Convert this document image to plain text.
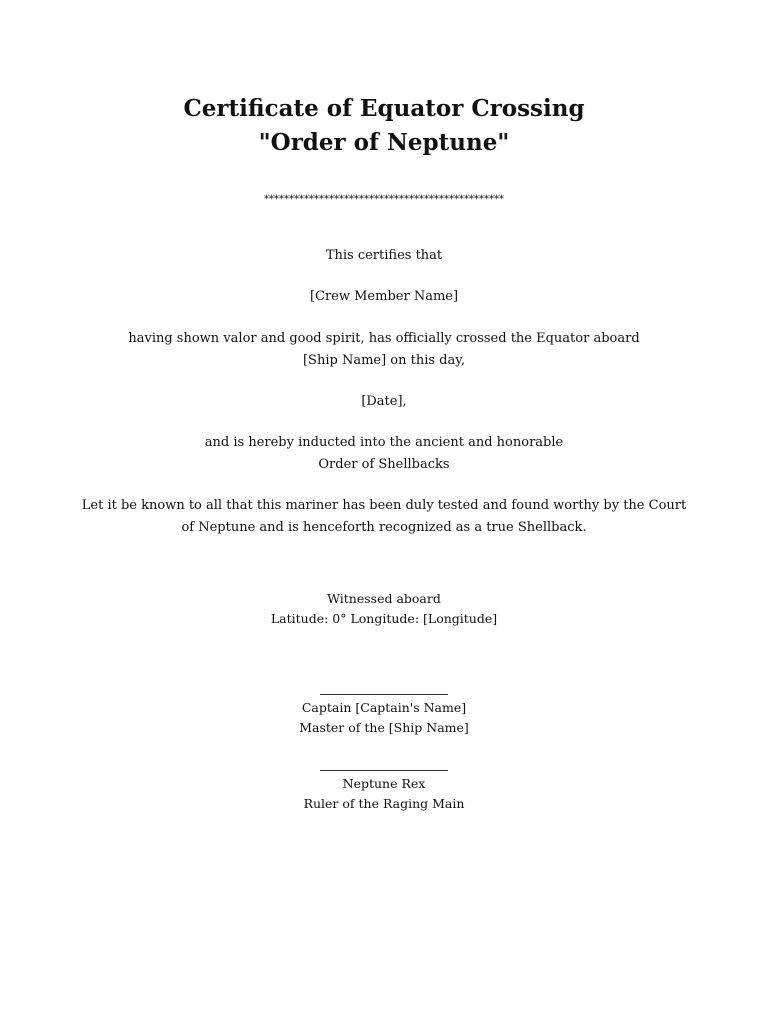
Certificate of Equator Crossing
"Order of Neptune"
************************************************
This certifies that
[Crew Member Name]
having shown valor and good spirit, has officially crossed the Equator aboard
[Ship Name] on this day,
[Date],
and is hereby inducted into the ancient and honorable
Order of Shellbacks
Let it be known to all that this mariner has been duly tested and found worthy by the Court
of Neptune and is henceforth recognized as a true Shellback.
Witnessed aboard
Latitude: 0° Longitude: [Longitude]
Captain [Captain's Name]
Master of the [Ship Name]
Neptune Rex
Ruler of the Raging Main
